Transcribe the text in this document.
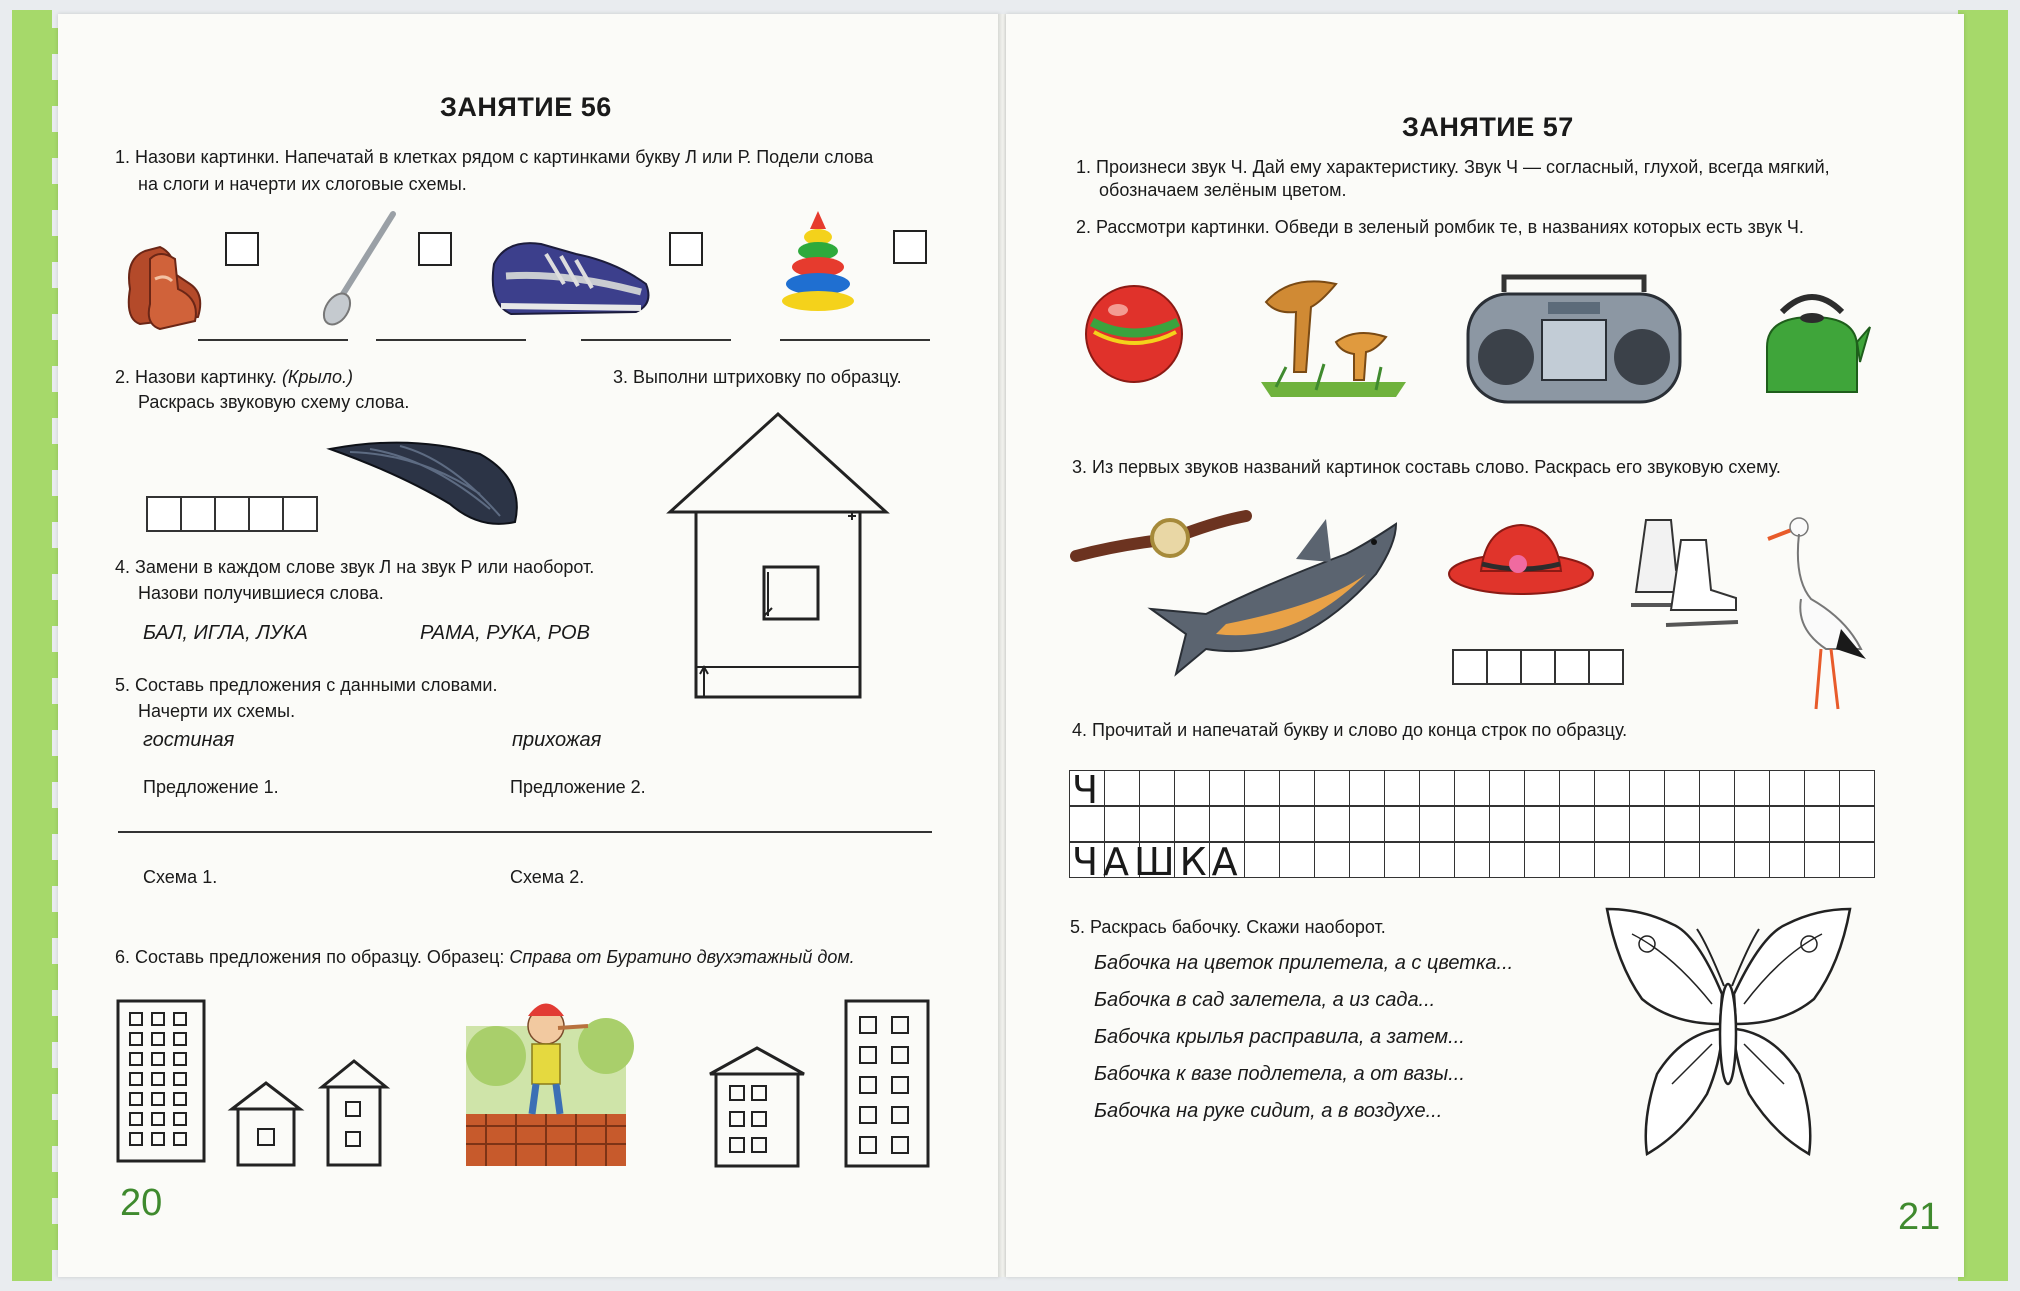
ЗАНЯТИЕ 56
1. Назови картинки. Напечатай в клетках рядом с картинками букву Л или Р. Подели слова
на слоги и начерти их слоговые схемы.
2. Назови картинку. (Крыло.)
Раскрась звуковую схему слова.
3. Выполни штриховку по образцу.
4. Замени в каждом слове звук Л на звук Р или наоборот.
Назови получившиеся слова.
БАЛ, ИГЛА, ЛУКА	РАМА, РУКА, РОВ
5. Составь предложения с данными словами.
Начерти их схемы.
гостиная	прихожая
Предложение 1.	Предложение 2.
Схема 1.	Схема 2.
6. Составь предложения по образцу. Образец: Справа от Буратино двухэтажный дом.
20
ЗАНЯТИЕ 57
1. Произнеси звук Ч. Дай ему характеристику. Звук Ч — согласный, глухой, всегда мягкий,
обозначаем зелёным цветом.
2. Рассмотри картинки. Обведи в зеленый ромбик те, в названиях которых есть звук Ч.
3. Из первых звуков названий картинок составь слово. Раскрась его звуковую схему.
4. Прочитай и напечатай букву и слово до конца строк по образцу.
Ч
ЧАШКА
5. Раскрась бабочку. Скажи наоборот.
Бабочка на цветок прилетела, а с цветка...
Бабочка в сад залетела, а из сада...
Бабочка крылья расправила, а затем...
Бабочка к вазе подлетела, а от вазы...
Бабочка на руке сидит, а в воздухе...
21
